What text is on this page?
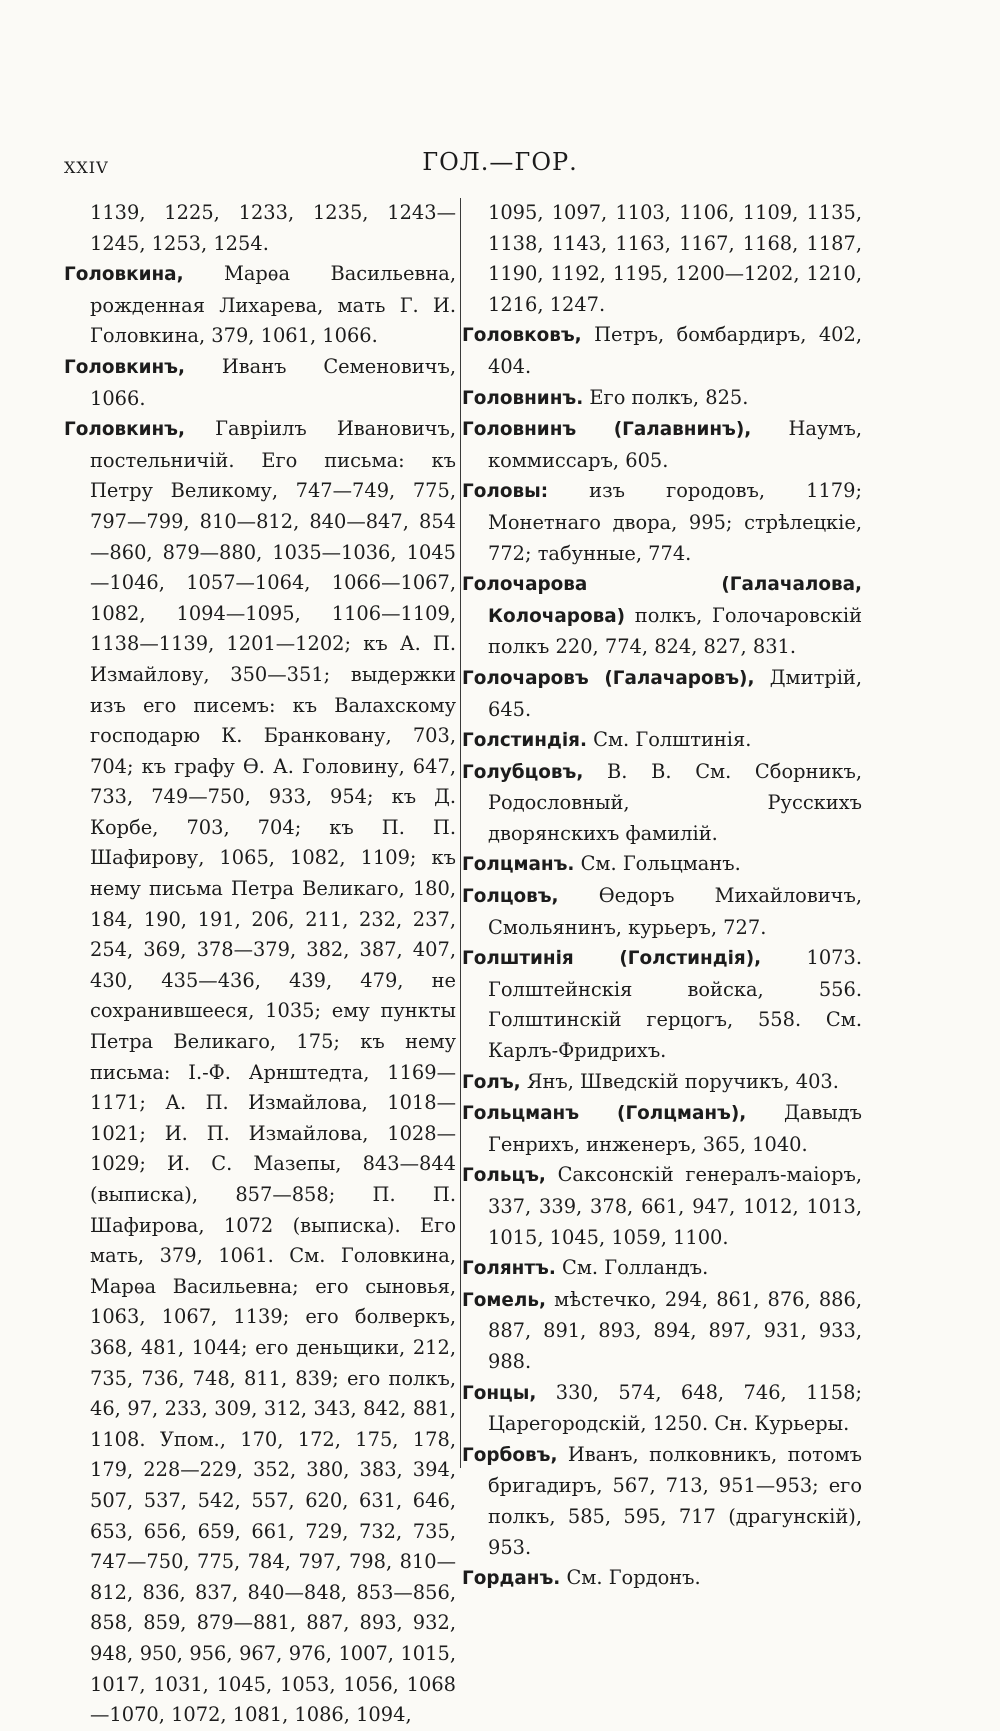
XXIV	ГОЛ.—ГОР.

1139, 1225, 1233, 1235, 1243—1245, 1253, 1254.

Головкина, Марѳа Васильевна, рожденная Лихарева, мать Г. И. Головкина, 379, 1061, 1066.

Головкинъ, Иванъ Семеновичъ, 1066.

Головкинъ, Гавріилъ Ивановичъ, постельничій. Его письма: къ Петру Великому, 747—749, 775, 797—799, 810—812, 840—847, 854—860, 879—880, 1035—1036, 1045—1046, 1057—1064, 1066—1067, 1082, 1094—1095, 1106—1109, 1138—1139, 1201—1202; къ А. П. Измайлову, 350—351; выдержки изъ его писемъ: къ Валахскому господарю К. Бранковану, 703, 704; къ графу Ѳ. А. Головину, 647, 733, 749—750, 933, 954; къ Д. Корбе, 703, 704; къ П. П. Шафирову, 1065, 1082, 1109; къ нему письма Петра Великаго, 180, 184, 190, 191, 206, 211, 232, 237, 254, 369, 378—379, 382, 387, 407, 430, 435—436, 439, 479, не сохранившееся, 1035; ему пункты Петра Великаго, 175; къ нему письма: І.-Ф. Арнштедта, 1169—1171; А. П. Измайлова, 1018—1021; И. П. Измайлова, 1028—1029; И. С. Мазепы, 843—844 (выписка), 857—858; П. П. Шафирова, 1072 (выписка). Его мать, 379, 1061. См. Головкина, Марѳа Васильевна; его сыновья, 1063, 1067, 1139; его болверкъ, 368, 481, 1044; его деньщики, 212, 735, 736, 748, 811, 839; его полкъ, 46, 97, 233, 309, 312, 343, 842, 881, 1108. Упом., 170, 172, 175, 178, 179, 228—229, 352, 380, 383, 394, 507, 537, 542, 557, 620, 631, 646, 653, 656, 659, 661, 729, 732, 735, 747—750, 775, 784, 797, 798, 810—812, 836, 837, 840—848, 853—856, 858, 859, 879—881, 887, 893, 932, 948, 950, 956, 967, 976, 1007, 1015, 1017, 1031, 1045, 1053, 1056, 1068—1070, 1072, 1081, 1086, 1094,

1095, 1097, 1103, 1106, 1109, 1135, 1138, 1143, 1163, 1167, 1168, 1187, 1190, 1192, 1195, 1200—1202, 1210, 1216, 1247.

Головковъ, Петръ, бомбардиръ, 402, 404.

Головнинъ. Его полкъ, 825.

Головнинъ (Галавнинъ), Наумъ, коммиссаръ, 605.

Головы: изъ городовъ, 1179; Монетнаго двора, 995; стрѣлецкіе, 772; табунные, 774.

Голочарова (Галачалова, Колочарова) полкъ, Голочаровскій полкъ 220, 774, 824, 827, 831.

Голочаровъ (Галачаровъ), Дмитрій, 645.

Голстиндія. См. Голштинія.

Голубцовъ, В. В. См. Сборникъ, Родословный, Русскихъ дворянскихъ фамилій.

Голцманъ. См. Гольцманъ.

Голцовъ, Ѳедоръ Михайловичъ, Смольянинъ, курьеръ, 727.

Голштинія (Голстиндія), 1073. Голштейнскія войска, 556. Голштинскій герцогъ, 558. См. Карлъ-Фридрихъ.

Голъ, Янъ, Шведскій поручикъ, 403.

Гольцманъ (Голцманъ), Давыдъ Генрихъ, инженеръ, 365, 1040.

Гольцъ, Саксонскій генералъ-маіоръ, 337, 339, 378, 661, 947, 1012, 1013, 1015, 1045, 1059, 1100.

Голянтъ. См. Голландъ.

Гомель, мѣстечко, 294, 861, 876, 886, 887, 891, 893, 894, 897, 931, 933, 988.

Гонцы, 330, 574, 648, 746, 1158; Царегородскій, 1250. Сн. Курьеры.

Горбовъ, Иванъ, полковникъ, потомъ бригадиръ, 567, 713, 951—953; его полкъ, 585, 595, 717 (драгунскій), 953.

Горданъ. См. Гордонъ.
